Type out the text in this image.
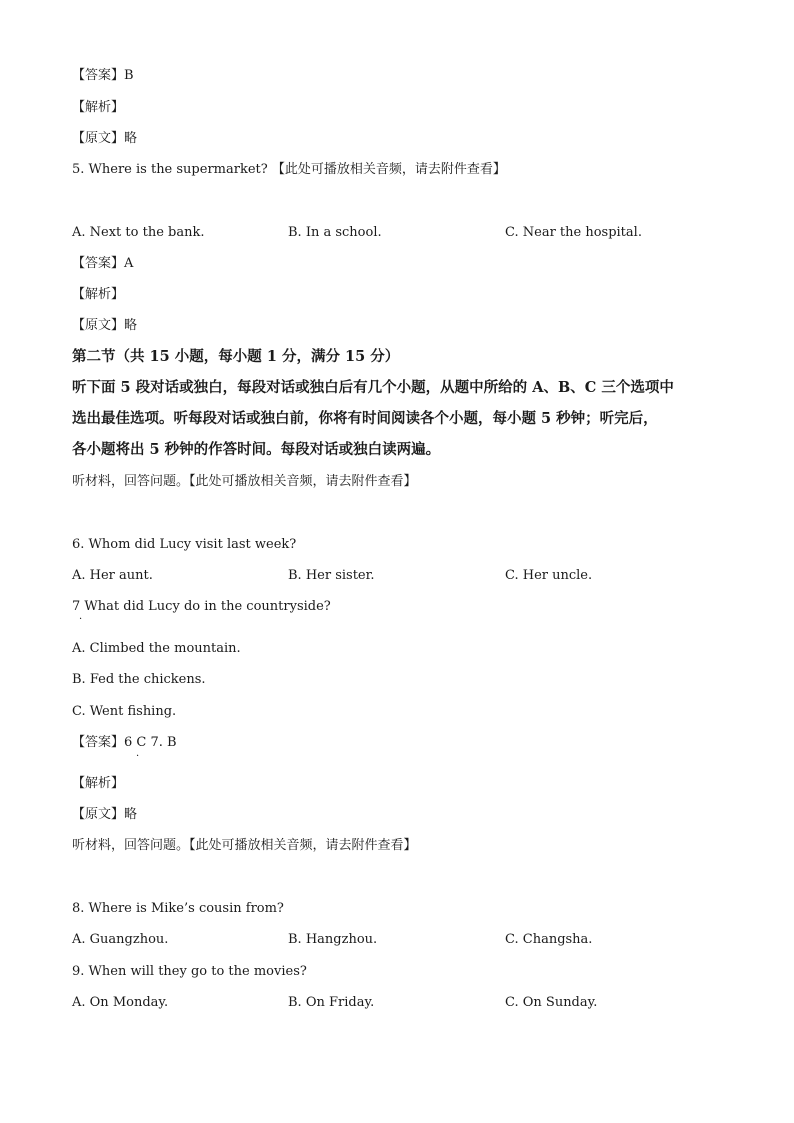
【答案】B
【解析】
【原文】略
5. Where is the supermarket? 【此处可播放相关音频，请去附件查看】
A. Next to the bank.	B. In a school.	C. Near the hospital.
【答案】A
【解析】
【原文】略
第二节（共 15 小题，每小题 1 分，满分 15 分）
听下面 5 段对话或独白，每段对话或独白后有几个小题，从题中所给的 A、B、C 三个选项中
选出最佳选项。听每段对话或独白前，你将有时间阅读各个小题，每小题 5 秒钟；听完后，
各小题将出 5 秒钟的作答时间。每段对话或独白读两遍。
听材料，回答问题。【此处可播放相关音频，请去附件查看】
6. Whom did Lucy visit last week?
A. Her aunt.	B. Her sister.	C. Her uncle.
7 What did Lucy do in the countryside?
·
A. Climbed the mountain.
B. Fed the chickens.
C. Went fishing.
【答案】6 C 7. B
·
【解析】
【原文】略
听材料，回答问题。【此处可播放相关音频，请去附件查看】
8. Where is Mike’s cousin from?
A. Guangzhou.	B. Hangzhou.	C. Changsha.
9. When will they go to the movies?
A. On Monday.	B. On Friday.	C. On Sunday.
